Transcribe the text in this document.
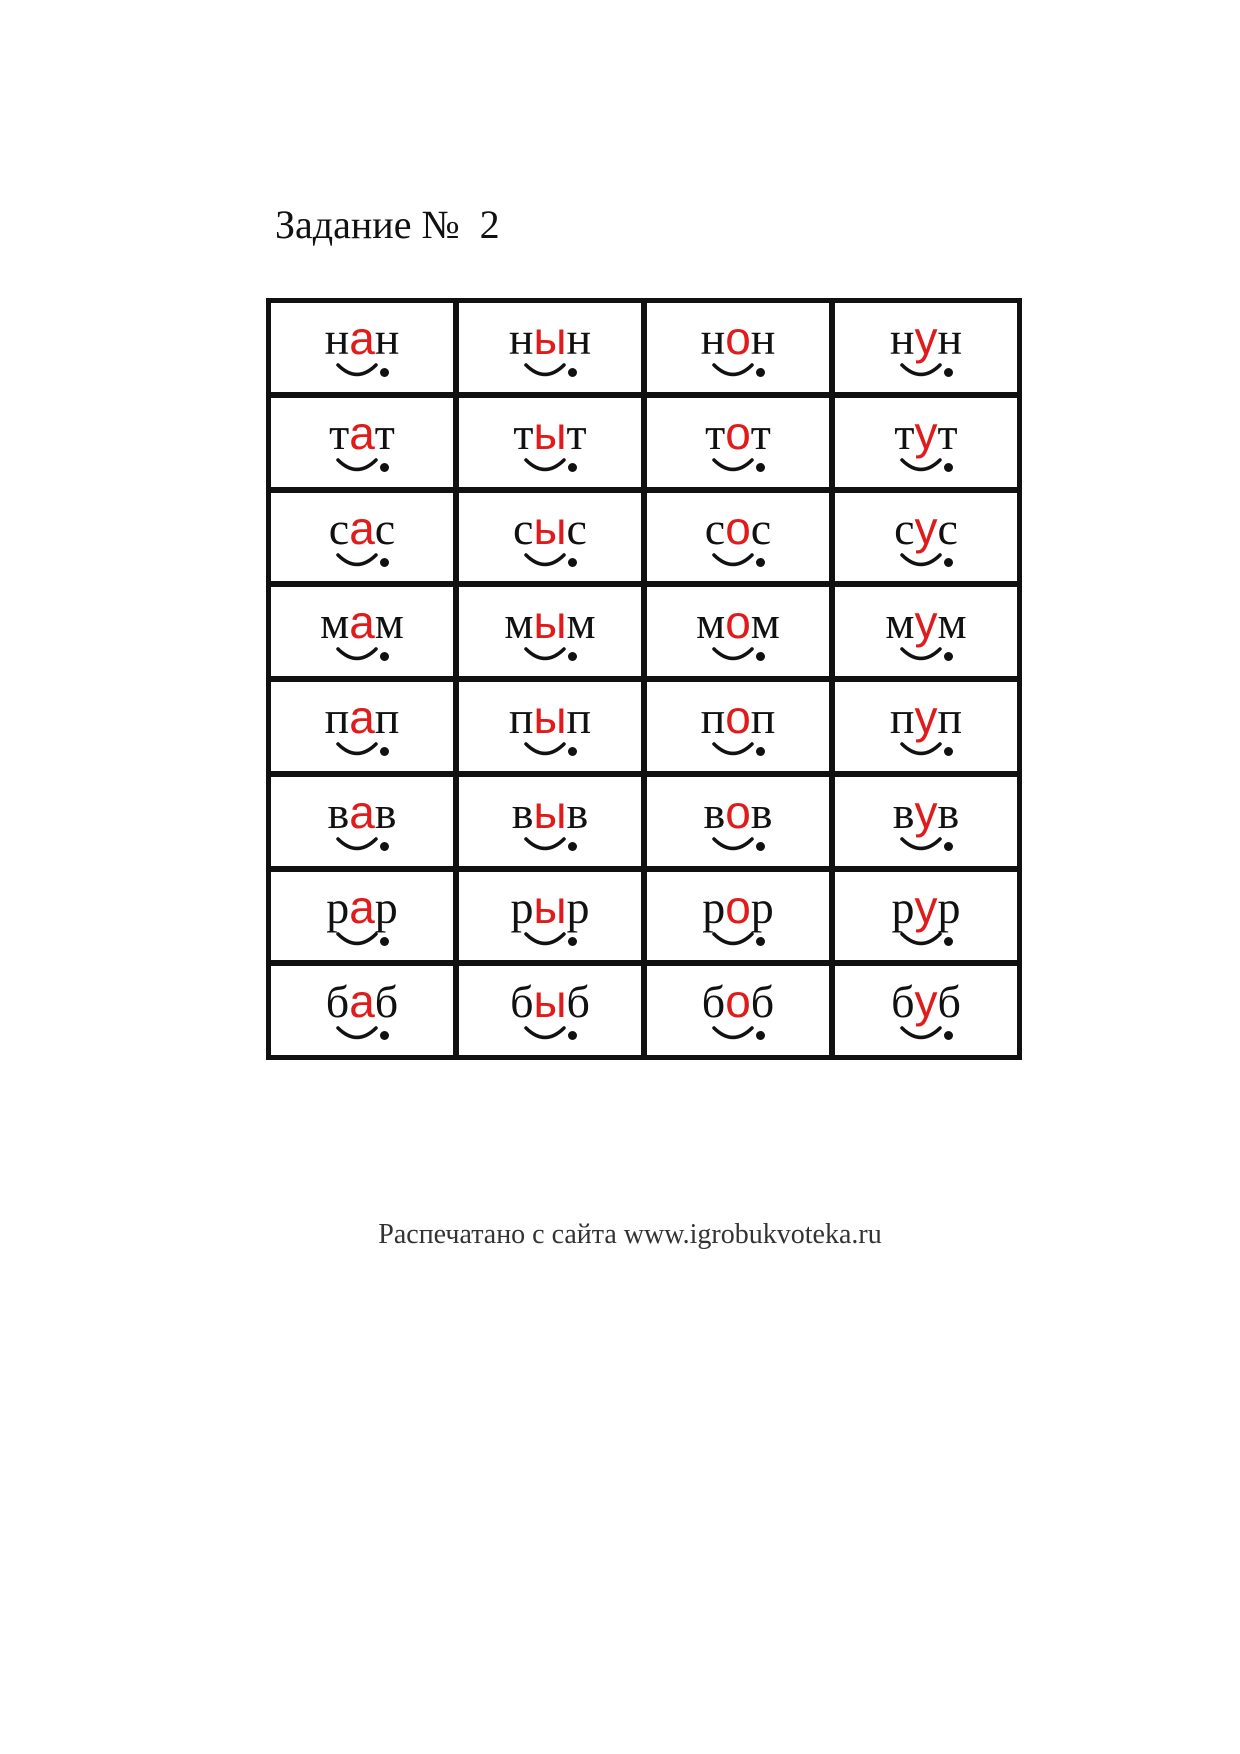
Задание №  2
нан нын нон нун
тат	тыт	тот	тут
сас	сыс	сос	сус
мам мым мом мум
пап пып поп пуп
вав	выв	вов	вув
рар рыр рор	рур
баб быб боб	буб
Распечатано с сайта www.igrobukvoteka.ru
